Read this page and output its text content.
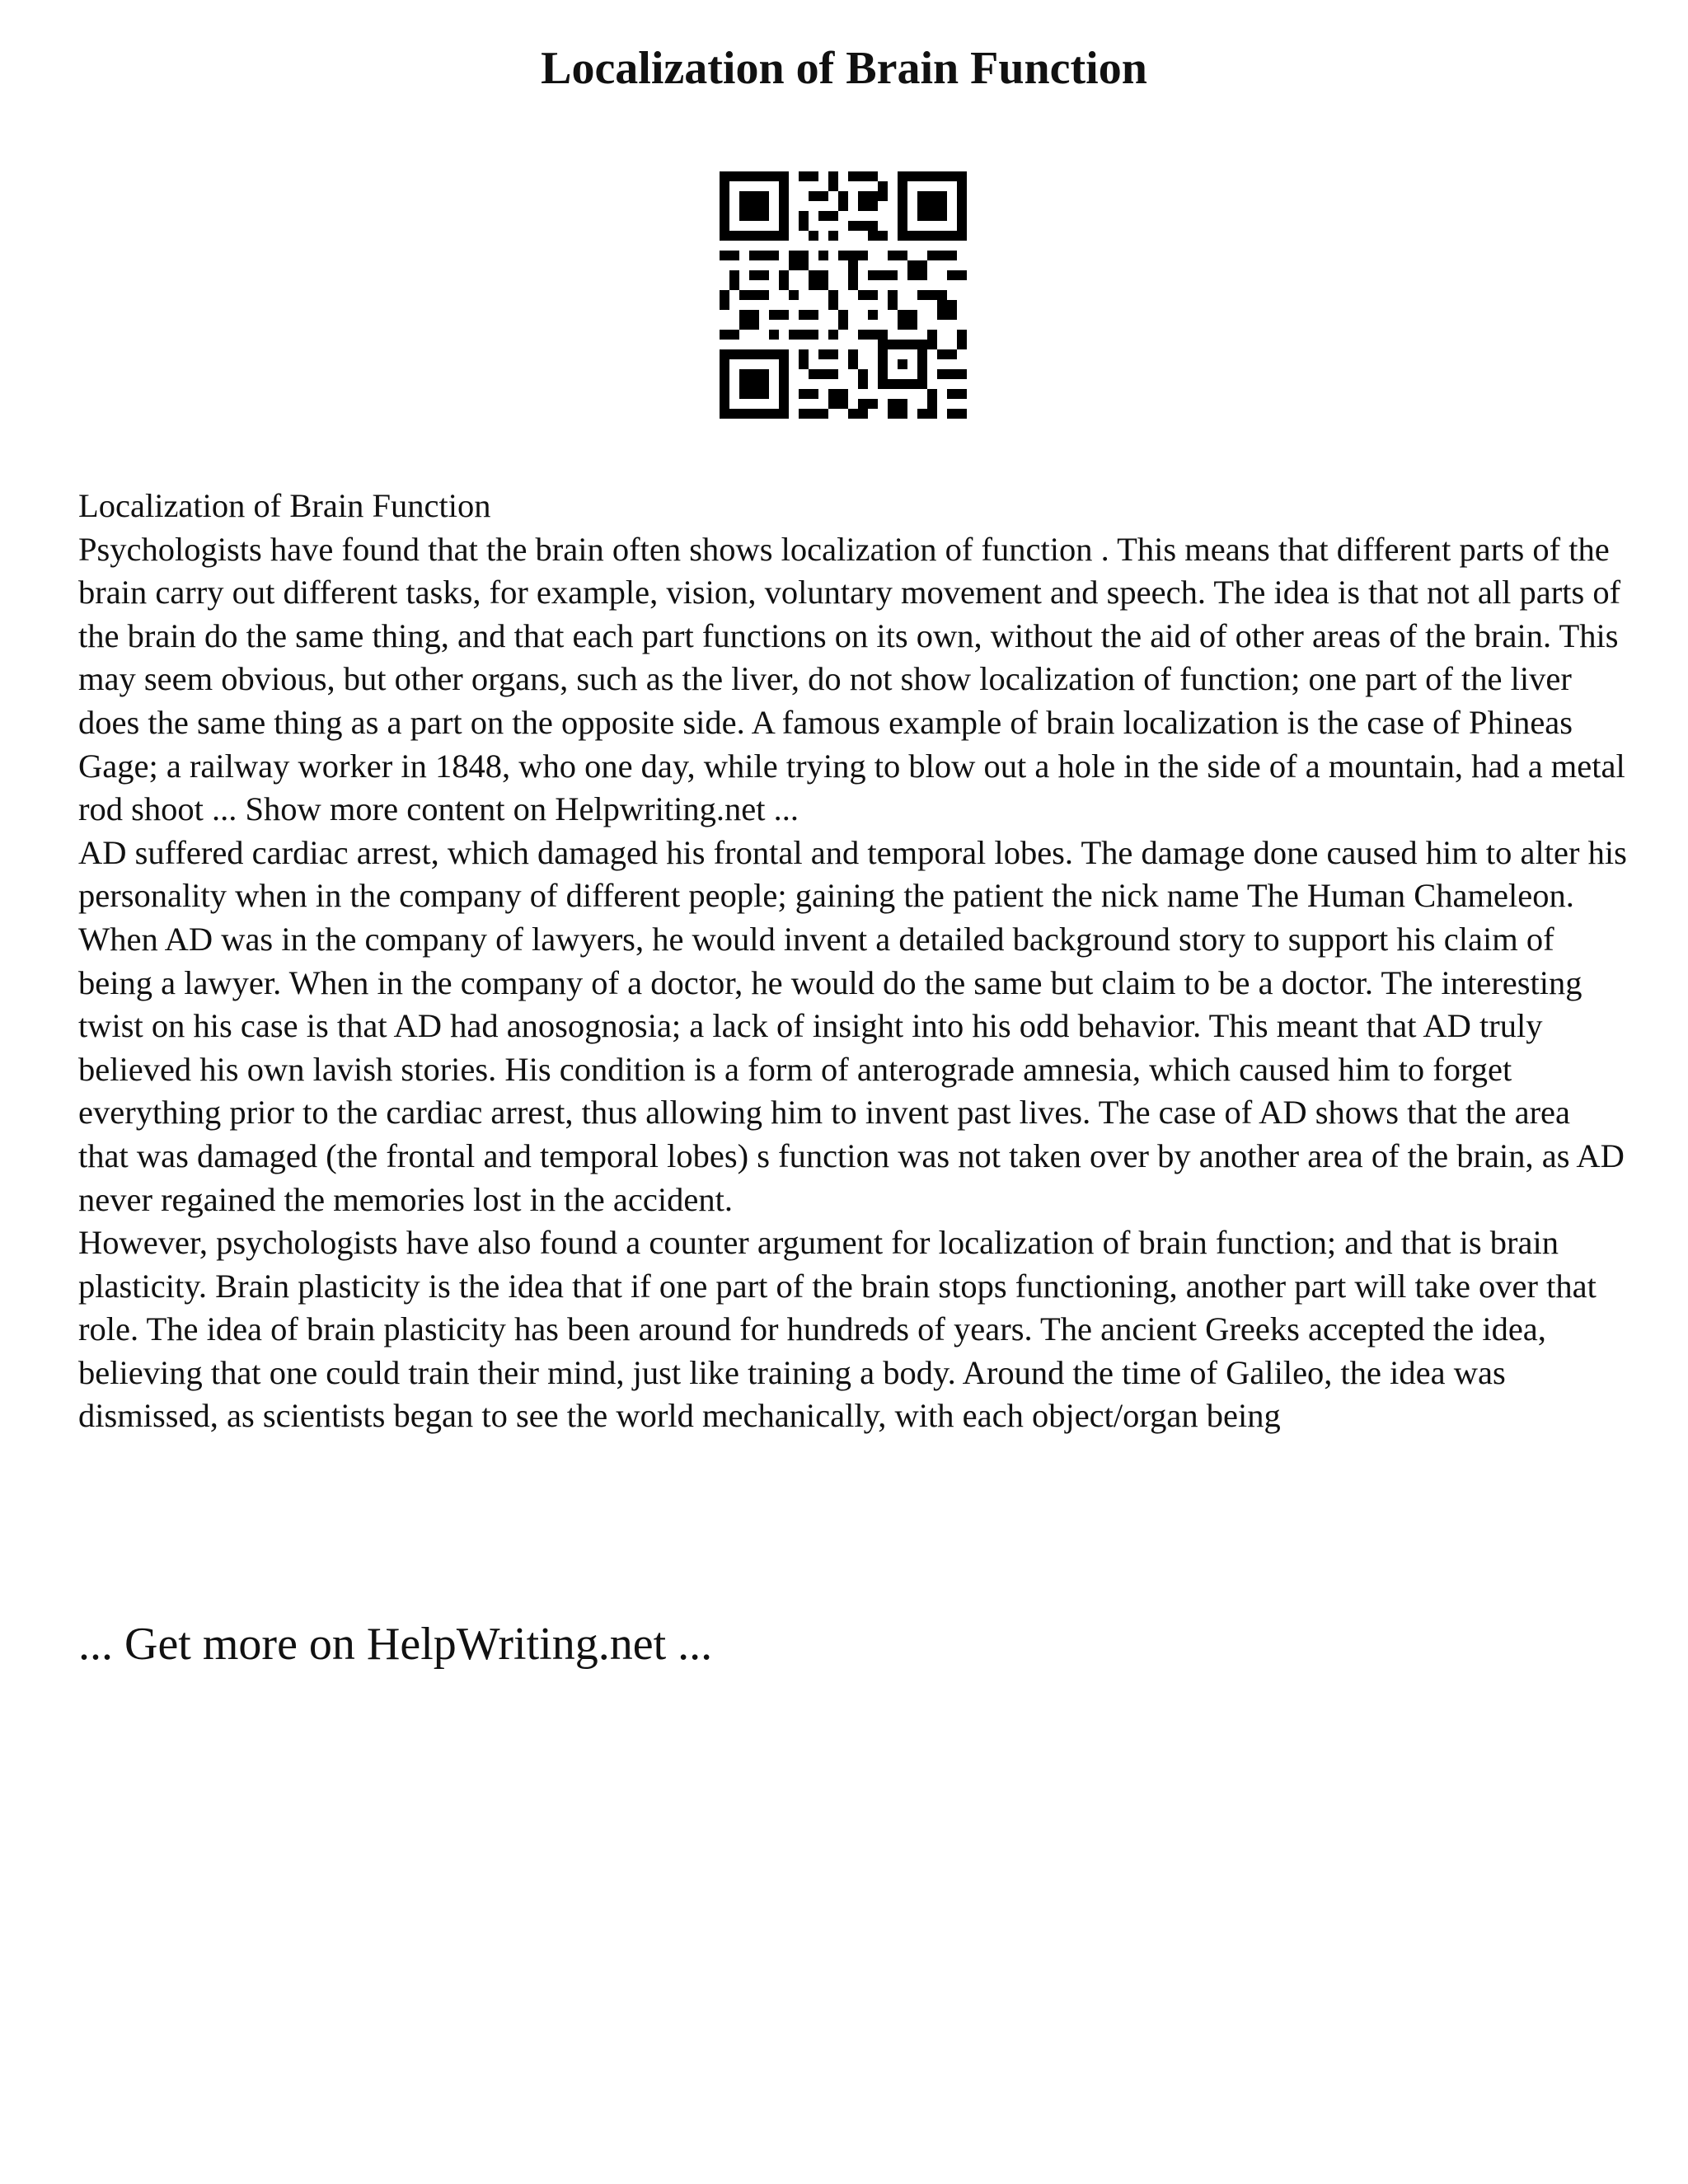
Localization of Brain Function

Localization of Brain Function

Psychologists have found that the brain often shows localization of function . This means that different parts of the brain carry out different tasks, for example, vision, voluntary movement and speech. The idea is that not all parts of the brain do the same thing, and that each part functions on its own, without the aid of other areas of the brain. This may seem obvious, but other organs, such as the liver, do not show localization of function; one part of the liver does the same thing as a part on the opposite side. A famous example of brain localization is the case of Phineas Gage; a railway worker in 1848, who one day, while trying to blow out a hole in the side of a mountain, had a metal rod shoot ... Show more content on Helpwriting.net ...

AD suffered cardiac arrest, which damaged his frontal and temporal lobes. The damage done caused him to alter his personality when in the company of different people; gaining the patient the nick name The Human Chameleon. When AD was in the company of lawyers, he would invent a detailed background story to support his claim of being a lawyer. When in the company of a doctor, he would do the same but claim to be a doctor. The interesting twist on his case is that AD had anosognosia; a lack of insight into his odd behavior. This meant that AD truly believed his own lavish stories. His condition is a form of anterograde amnesia, which caused him to forget everything prior to the cardiac arrest, thus allowing him to invent past lives. The case of AD shows that the area that was damaged (the frontal and temporal lobes) s function was not taken over by another area of the brain, as AD never regained the memories lost in the accident.

However, psychologists have also found a counter argument for localization of brain function; and that is brain plasticity. Brain plasticity is the idea that if one part of the brain stops functioning, another part will take over that role. The idea of brain plasticity has been around for hundreds of years. The ancient Greeks accepted the idea, believing that one could train their mind, just like training a body. Around the time of Galileo, the idea was dismissed, as scientists began to see the world mechanically, with each object/organ being

... Get more on HelpWriting.net ...
